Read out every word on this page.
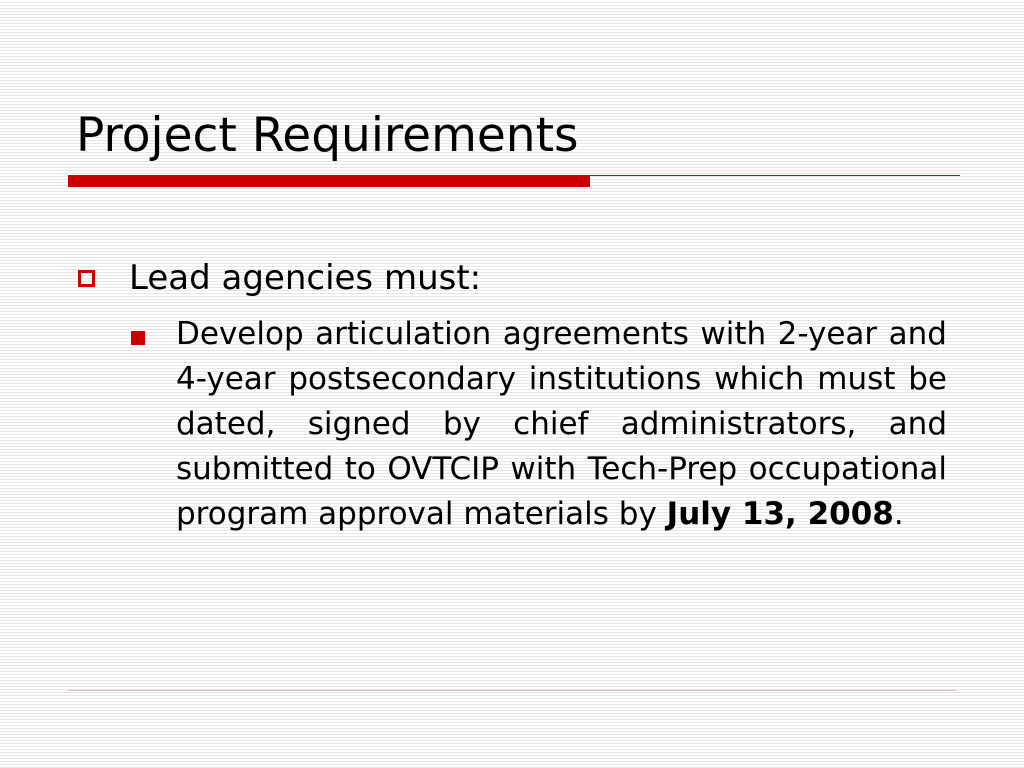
Project Requirements
Lead agencies must:

Develop articulation agreements with 2-year and 4-year postsecondary institutions which must be dated, signed by chief administrators, and submitted to OVTCIP with Tech-Prep occupational program approval materials by July 13, 2008.
